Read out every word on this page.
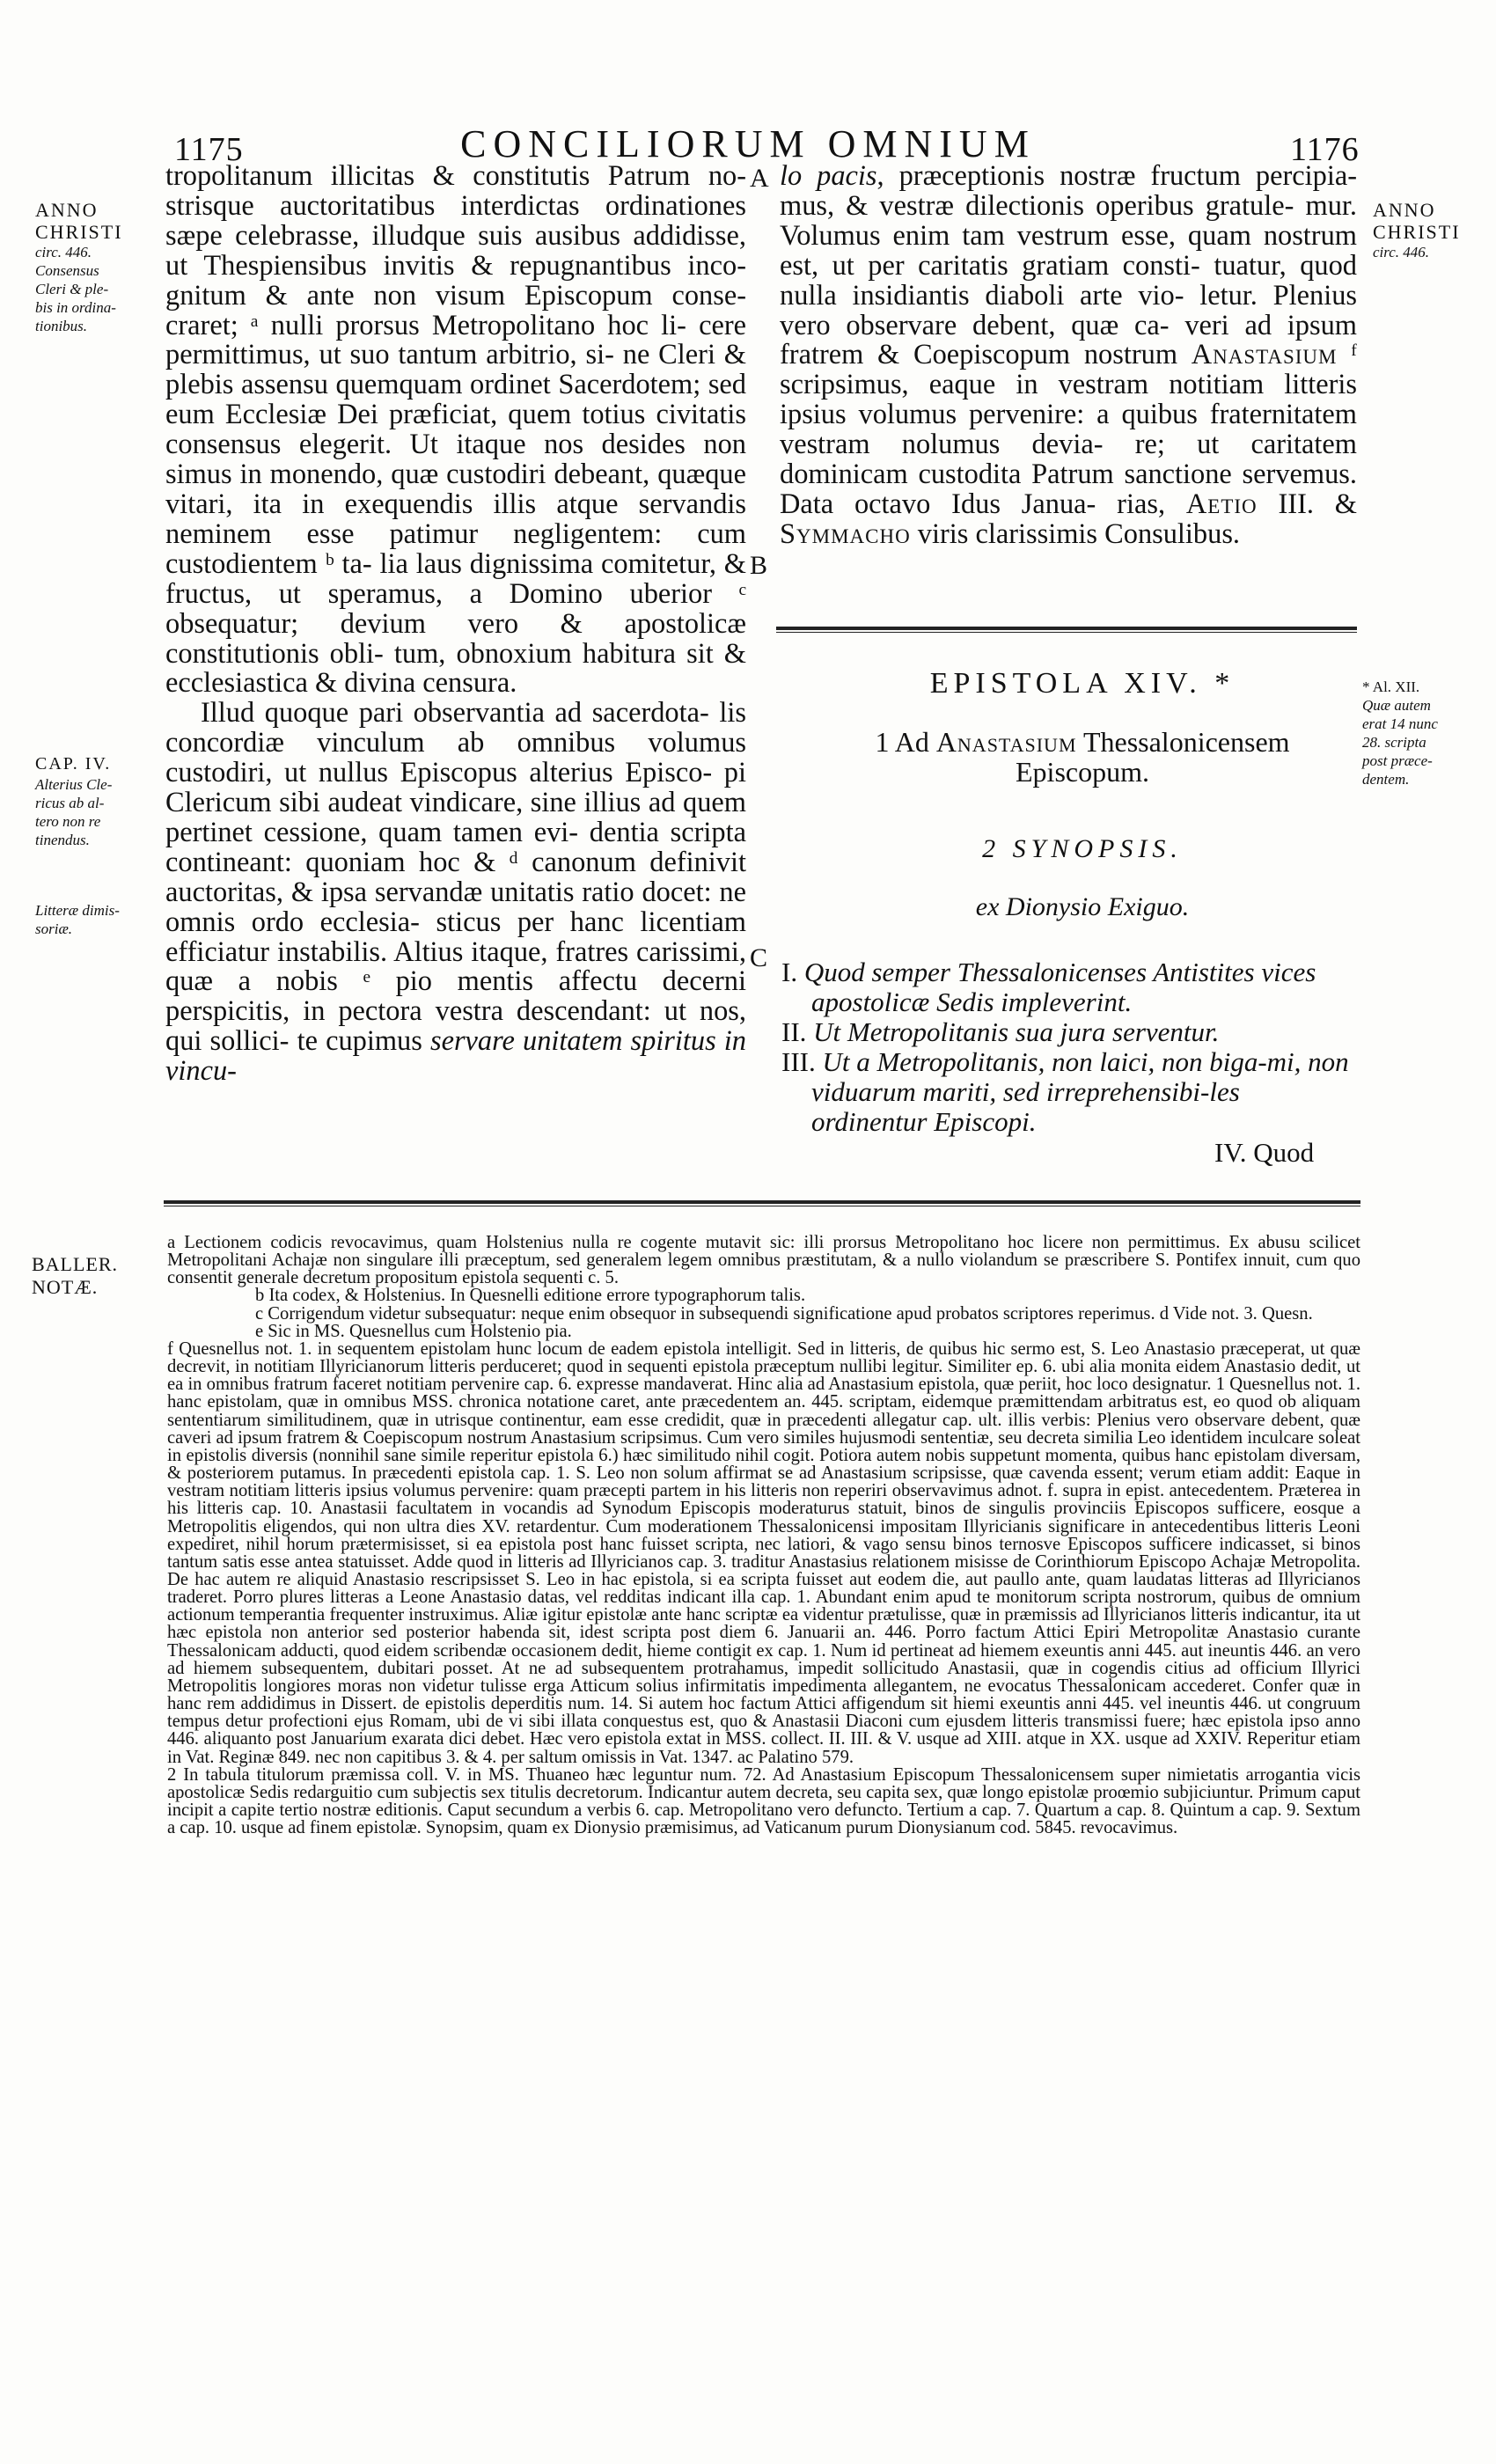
1175	CONCILIORUM OMNIUM	1176
ANNO
CHRISTI
circ. 446.
Consensus
Cleri & ple-
bis in ordina-
tionibus.
CAP. IV.
Alterius Cle-
ricus ab al-
tero non re
tinendus.
Litteræ dimis-
soriæ.
ANNO
CHRISTI
circ. 446.
* Al. XII.
Quæ autem
erat 14 nunc
28. scripta
post præce-
dentem.
A
B
C

tropolitanum illicitas & constitutis Patrum no- strisque auctoritatibus interdictas ordinationes sæpe celebrasse, illudque suis ausibus addidisse, ut Thespiensibus invitis & repugnantibus inco- gnitum & ante non visum Episcopum conse- craret; ᵃ nulli prorsus Metropolitano hoc li- cere permittimus, ut suo tantum arbitrio, si- ne Cleri & plebis assensu quemquam ordinet Sacerdotem; sed eum Ecclesiæ Dei præficiat, quem totius civitatis consensus elegerit. Ut itaque nos desides non simus in monendo, quæ custodiri debeant, quæque vitari, ita in exequendis illis atque servandis neminem esse patimur negligentem: cum custodientem ᵇ ta- lia laus dignissima comitetur, & fructus, ut speramus, a Domino uberior ᶜ obsequatur; devium vero & apostolicæ constitutionis obli- tum, obnoxium habitura sit & ecclesiastica & divina censura.

Illud quoque pari observantia ad sacerdota- lis concordiæ vinculum ab omnibus volumus custodiri, ut nullus Episcopus alterius Episco- pi Clericum sibi audeat vindicare, sine illius ad quem pertinet cessione, quam tamen evi- dentia scripta contineant: quoniam hoc & ᵈ canonum definivit auctoritas, & ipsa servandæ unitatis ratio docet: ne omnis ordo ecclesia- sticus per hanc licentiam efficiatur instabilis. Altius itaque, fratres carissimi, quæ a nobis ᵉ pio mentis affectu decerni perspicitis, in pectora vestra descendant: ut nos, qui sollici- te cupimus servare unitatem spiritus in vincu-

lo pacis, præceptionis nostræ fructum percipia- mus, & vestræ dilectionis operibus gratule- mur. Volumus enim tam vestrum esse, quam nostrum est, ut per caritatis gratiam consti- tuatur, quod nulla insidiantis diaboli arte vio- letur. Plenius vero observare debent, quæ ca- veri ad ipsum fratrem & Coepiscopum nostrum Anastasium ᶠ scripsimus, eaque in vestram notitiam litteris ipsius volumus pervenire: a quibus fraternitatem vestram nolumus devia- re; ut caritatem dominicam custodita Patrum sanctione servemus. Data octavo Idus Janua- rias, Aetio III. & Symmacho viris clarissimis Consulibus.

EPISTOLA XIV. *
1 Ad Anastasium Thessalonicensem
Episcopum.
2 SYNOPSIS.
ex Dionysio Exiguo.
I. Quod semper Thessalonicenses Antistites vices apostolicæ Sedis impleverint.
II. Ut Metropolitanis sua jura serventur.
III. Ut a Metropolitanis, non laici, non biga-mi, non viduarum mariti, sed irreprehensibi-les ordinentur Episcopi.
IV. Quod
BALLER.
NOTÆ.

a Lectionem codicis revocavimus, quam Holstenius nulla re cogente mutavit sic: illi prorsus Metropolitano hoc licere non permittimus. Ex abusu scilicet Metropolitani Achajæ non singulare illi præceptum, sed generalem legem omnibus præstitutam, & a nullo violandum se præscribere S. Pontifex innuit, cum quo consentit generale decretum propositum epistola sequenti c. 5.

b Ita codex, & Holstenius. In Quesnelli editione errore typographorum talis.

c Corrigendum videtur subsequatur: neque enim obsequor in subsequendi significatione apud probatos scriptores reperimus. d Vide not. 3. Quesn.

e Sic in MS. Quesnellus cum Holstenio pia.

f Quesnellus not. 1. in sequentem epistolam hunc locum de eadem epistola intelligit. Sed in litteris, de quibus hic sermo est, S. Leo Anastasio præceperat, ut quæ decrevit, in notitiam Illyricianorum litteris perduceret; quod in sequenti epistola præceptum nullibi legitur. Similiter ep. 6. ubi alia monita eidem Anastasio dedit, ut ea in omnibus fratrum faceret notitiam pervenire cap. 6. expresse mandaverat. Hinc alia ad Anastasium epistola, quæ periit, hoc loco designatur. 1 Quesnellus not. 1. hanc epistolam, quæ in omnibus MSS. chronica notatione caret, ante præcedentem an. 445. scriptam, eidemque præmittendam arbitratus est, eo quod ob aliquam sententiarum similitudinem, quæ in utrisque continentur, eam esse credidit, quæ in præcedenti allegatur cap. ult. illis verbis: Plenius vero observare debent, quæ caveri ad ipsum fratrem & Coepiscopum nostrum Anastasium scripsimus. Cum vero similes hujusmodi sententiæ, seu decreta similia Leo identidem inculcare soleat in epistolis diversis (nonnihil sane simile reperitur epistola 6.) hæc similitudo nihil cogit. Potiora autem nobis suppetunt momenta, quibus hanc epistolam diversam, & posteriorem putamus. In præcedenti epistola cap. 1. S. Leo non solum affirmat se ad Anastasium scripsisse, quæ cavenda essent; verum etiam addit: Eaque in vestram notitiam litteris ipsius volumus pervenire: quam præcepti partem in his litteris non reperiri observavimus adnot. f. supra in epist. antecedentem. Præterea in his litteris cap. 10. Anastasii facultatem in vocandis ad Synodum Episcopis moderaturus statuit, binos de singulis provinciis Episcopos sufficere, eosque a Metropolitis eligendos, qui non ultra dies XV. retardentur. Cum moderationem Thessalonicensi impositam Illyricianis significare in antecedentibus litteris Leoni expediret, nihil horum prætermisisset, si ea epistola post hanc fuisset scripta, nec latiori, & vago sensu binos ternosve Episcopos sufficere indicasset, si binos tantum satis esse antea statuisset. Adde quod in litteris ad Illyricianos cap. 3. traditur Anastasius relationem misisse de Corinthiorum Episcopo Achajæ Metropolita. De hac autem re aliquid Anastasio rescripsisset S. Leo in hac epistola, si ea scripta fuisset aut eodem die, aut paullo ante, quam laudatas litteras ad Illyricianos traderet. Porro plures litteras a Leone Anastasio datas, vel redditas indicant illa cap. 1. Abundant enim apud te monitorum scripta nostrorum, quibus de omnium actionum temperantia frequenter instruximus. Aliæ igitur epistolæ ante hanc scriptæ ea videntur prætulisse, quæ in præmissis ad Illyricianos litteris indicantur, ita ut hæc epistola non anterior sed posterior habenda sit, idest scripta post diem 6. Januarii an. 446. Porro factum Attici Epiri Metropolitæ Anastasio curante Thessalonicam adducti, quod eidem scribendæ occasionem dedit, hieme contigit ex cap. 1. Num id pertineat ad hiemem exeuntis anni 445. aut ineuntis 446. an vero ad hiemem subsequentem, dubitari posset. At ne ad subsequentem protrahamus, impedit sollicitudo Anastasii, quæ in cogendis citius ad officium Illyrici Metropolitis longiores moras non videtur tulisse erga Atticum solius infirmitatis impedimenta allegantem, ne evocatus Thessalonicam accederet. Confer quæ in hanc rem addidimus in Dissert. de epistolis deperditis num. 14. Si autem hoc factum Attici affigendum sit hiemi exeuntis anni 445. vel ineuntis 446. ut congruum tempus detur profectioni ejus Romam, ubi de vi sibi illata conquestus est, quo & Anastasii Diaconi cum ejusdem litteris transmissi fuere; hæc epistola ipso anno 446. aliquanto post Januarium exarata dici debet. Hæc vero epistola extat in MSS. collect. II. III. & V. usque ad XIII. atque in XX. usque ad XXIV. Reperitur etiam in Vat. Reginæ 849. nec non capitibus 3. & 4. per saltum omissis in Vat. 1347. ac Palatino 579.

2 In tabula titulorum præmissa coll. V. in MS. Thuaneo hæc leguntur num. 72. Ad Anastasium Episcopum Thessalonicensem super nimietatis arrogantia vicis apostolicæ Sedis redarguitio cum subjectis sex titulis decretorum. Indicantur autem decreta, seu capita sex, quæ longo epistolæ proœmio subjiciuntur. Primum caput incipit a capite tertio nostræ editionis. Caput secundum a verbis 6. cap. Metropolitano vero defuncto. Tertium a cap. 7. Quartum a cap. 8. Quintum a cap. 9. Sextum a cap. 10. usque ad finem epistolæ. Synopsim, quam ex Dionysio præmisimus, ad Vaticanum purum Dionysianum cod. 5845. revocavimus.
